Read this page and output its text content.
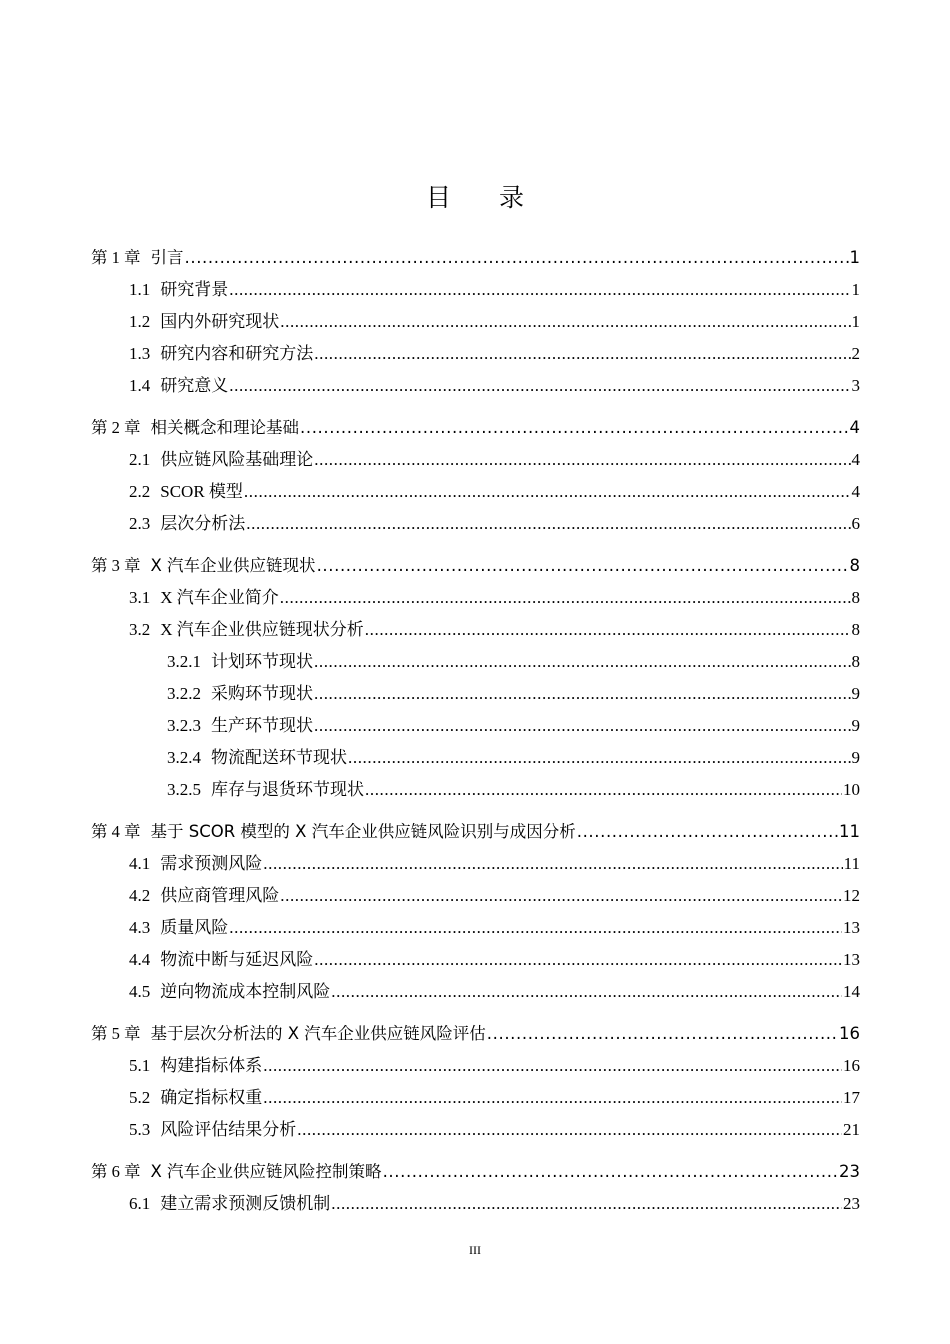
目录
第 1 章 引言 .....	1
1.1 研究背景 .....	1
1.2 国内外研究现状 .....	1
1.3 研究内容和研究方法 .....	2
1.4 研究意义 .....	3
第 2 章 相关概念和理论基础 .....	4
2.1 供应链风险基础理论 .....	4
2.2 SCOR 模型 .....	4
2.3 层次分析法 .....	6
第 3 章 X 汽车企业供应链现状 .....	8
3.1 X 汽车企业简介 .....	8
3.2 X 汽车企业供应链现状分析 .....	8
3.2.1 计划环节现状 .....	8
3.2.2 采购环节现状 .....	9
3.2.3 生产环节现状 .....	9
3.2.4 物流配送环节现状 .....	9
3.2.5 库存与退货环节现状 .....	10
第 4 章 基于 SCOR 模型的 X 汽车企业供应链风险识别与成因分析 .....	11
4.1 需求预测风险 .....	11
4.2 供应商管理风险 .....	12
4.3 质量风险 .....	13
4.4 物流中断与延迟风险 .....	13
4.5 逆向物流成本控制风险 .....	14
第 5 章 基于层次分析法的 X 汽车企业供应链风险评估 .....	16
5.1 构建指标体系 .....	16
5.2 确定指标权重 .....	17
5.3 风险评估结果分析 .....	21
第 6 章 X 汽车企业供应链风险控制策略 .....	23
6.1 建立需求预测反馈机制 .....	23
III
